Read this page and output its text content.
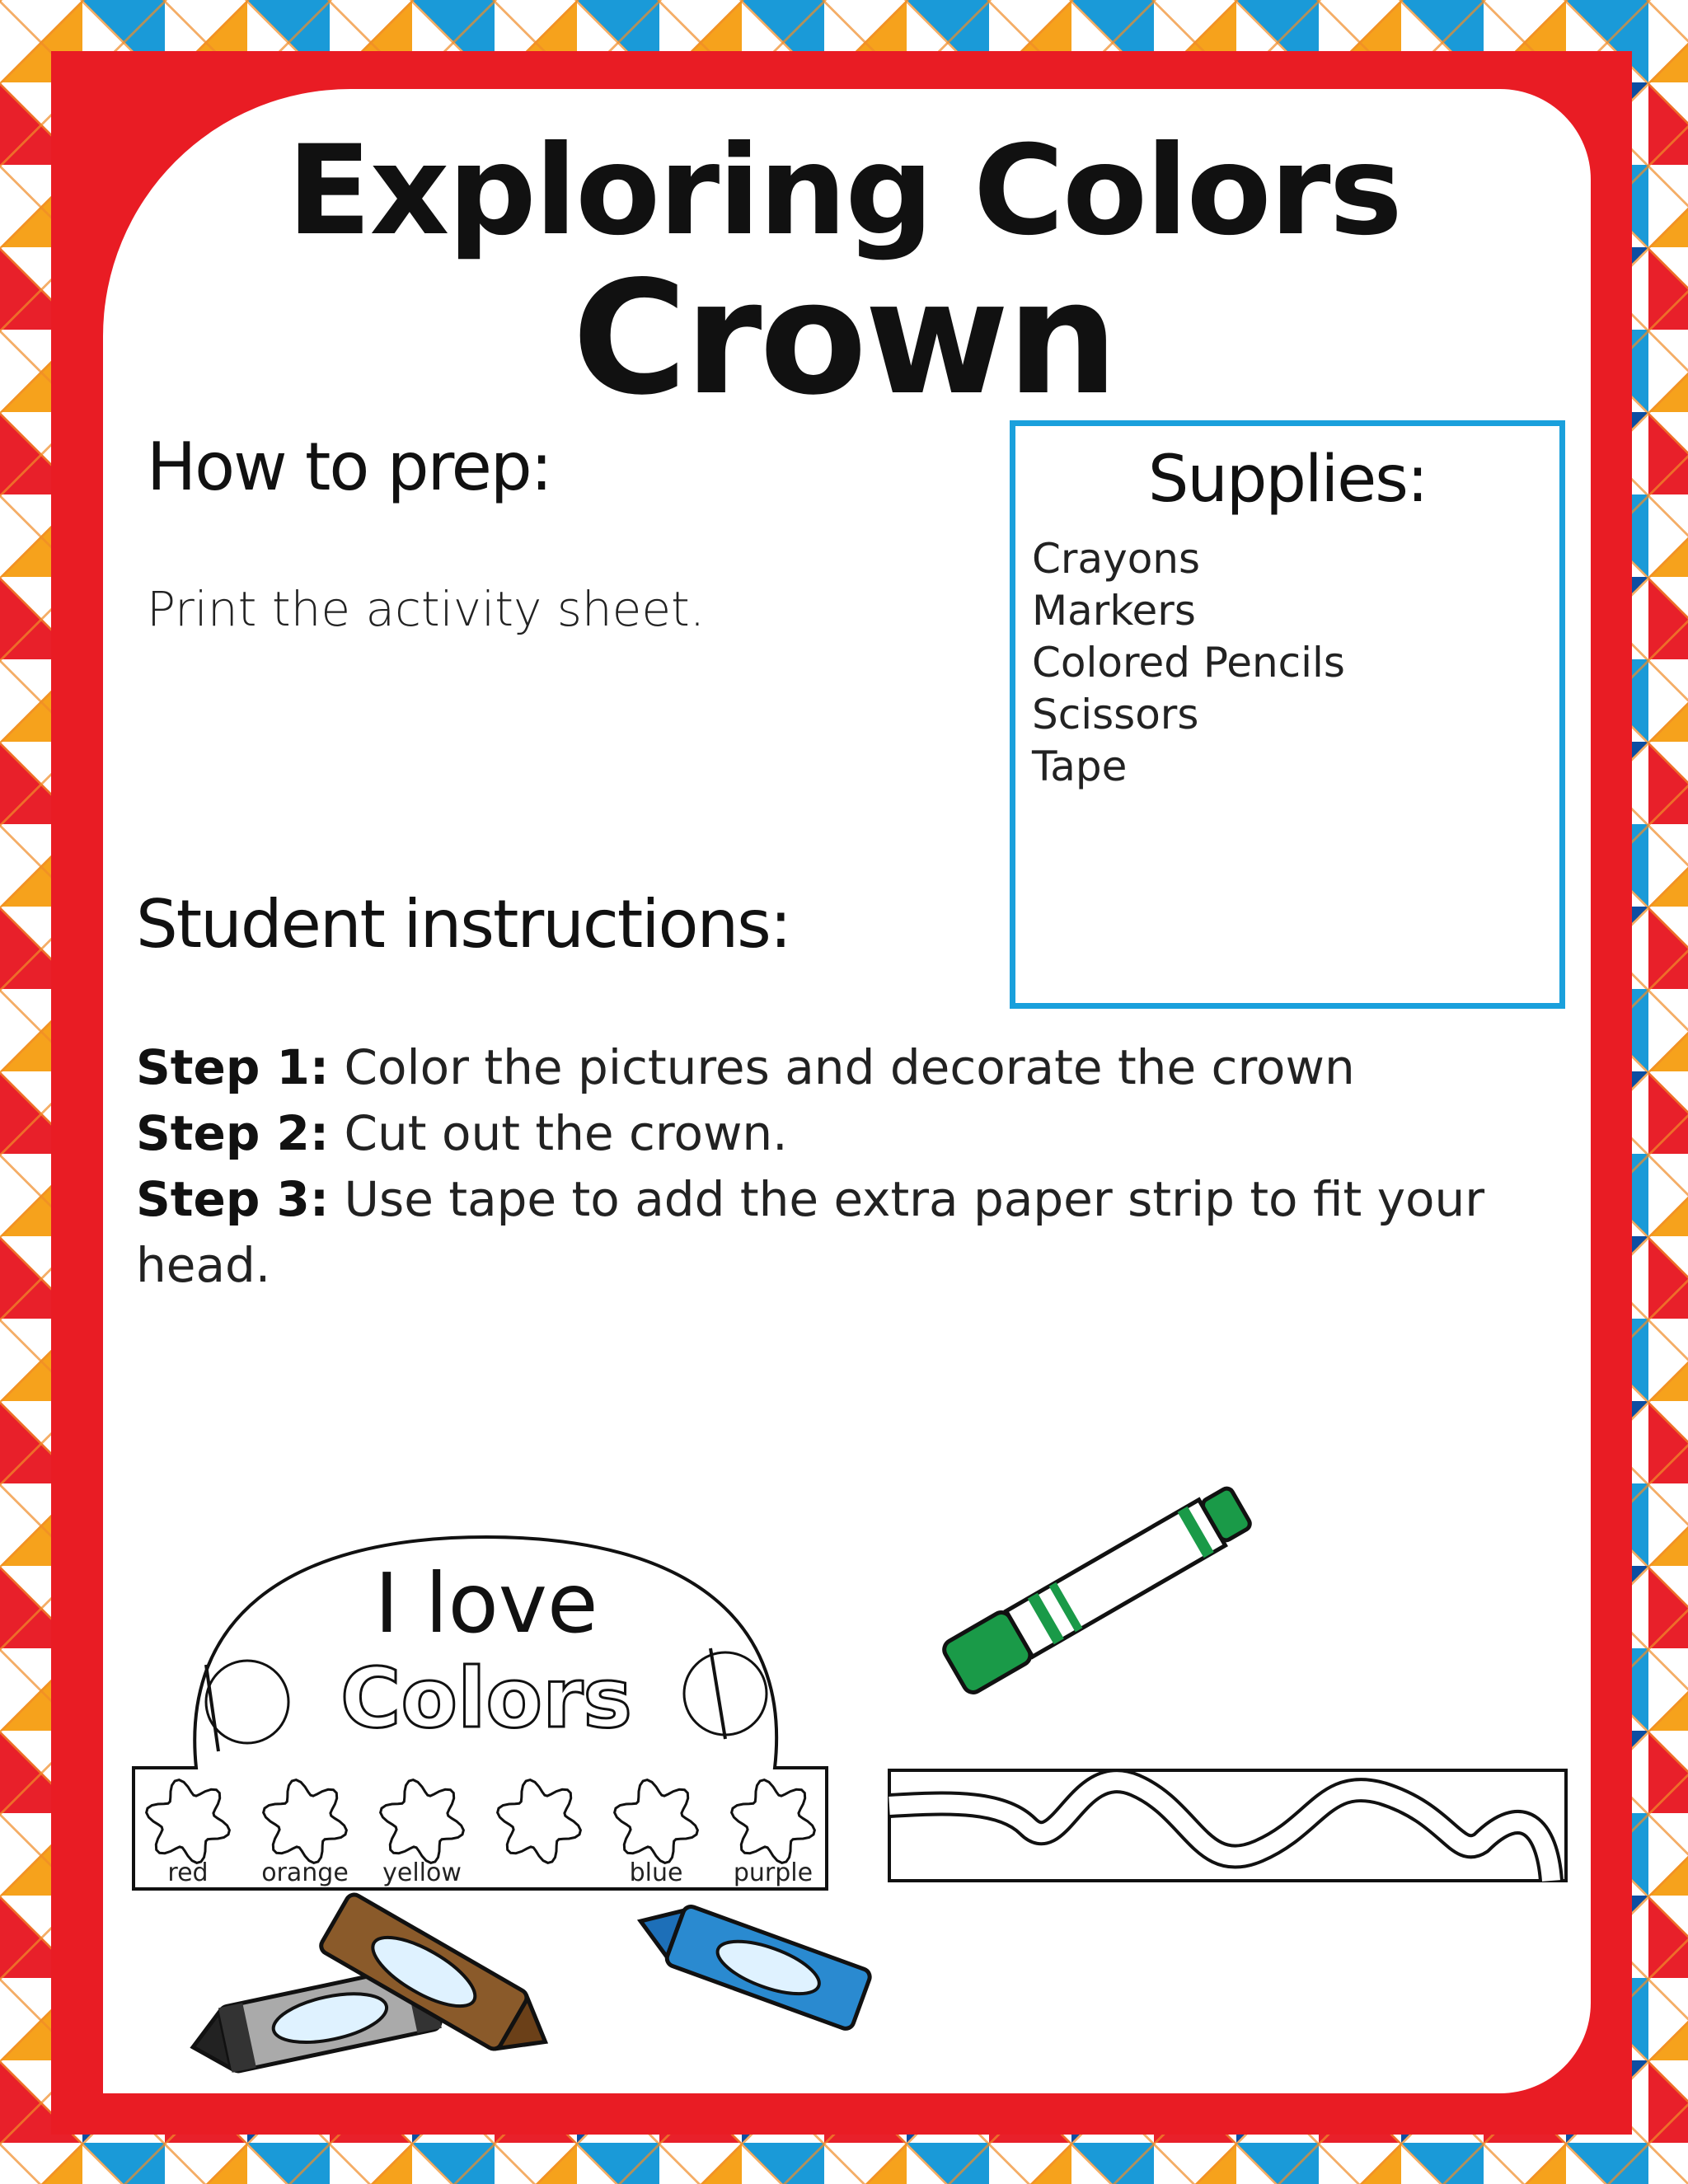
Exploring Colors
Crown
How to prep:
Print the activity sheet.
Supplies:
Crayons
Markers
Colored Pencils
Scissors
Tape
Student instructions:
Step 1: Color the pictures and decorate the crown
Step 2: Cut out the crown.
Step 3: Use tape to add the extra paper strip to fit your head.
I love
Colors
red orange yellow	blue purple
